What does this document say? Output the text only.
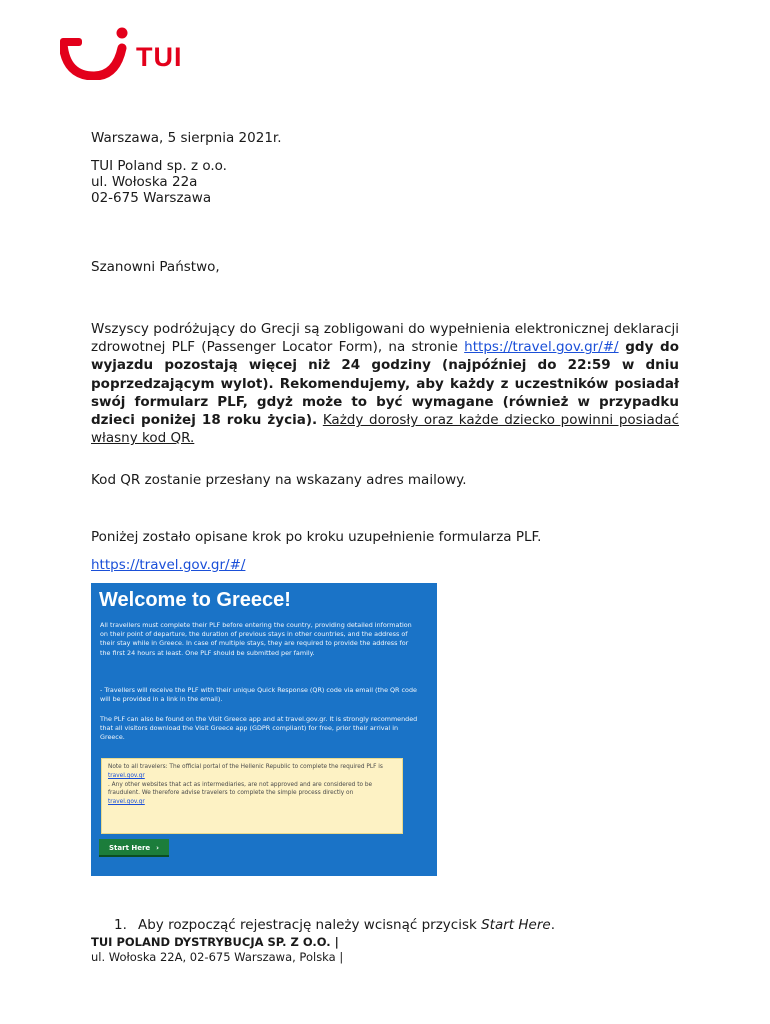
TUI
Warszawa, 5 sierpnia 2021r.
TUI Poland sp. z o.o.
ul. Wołoska 22a
02-675 Warszawa
Szanowni Państwo,
Wszyscy podróżujący do Grecji są zobligowani do wypełnienia elektronicznej deklaracji zdrowotnej PLF (Passenger Locator Form), na stronie https://travel.gov.gr/#/ gdy do wyjazdu pozostają więcej niż 24 godziny (najpóźniej do 22:59 w dniu poprzedzającym wylot). Rekomendujemy, aby każdy z uczestników posiadał swój formularz PLF, gdyż może to być wymagane (również w przypadku dzieci poniżej 18 roku życia). Każdy dorosły oraz każde dziecko powinni posiadać własny kod QR.
Kod QR zostanie przesłany na wskazany adres mailowy.
Poniżej zostało opisane krok po kroku uzupełnienie formularza PLF.
https://travel.gov.gr/#/
Welcome to Greece!
All travellers must complete their PLF before entering the country, providing detailed information on their point of departure, the duration of previous stays in other countries, and the address of their stay while in Greece. In case of multiple stays, they are required to provide the address for the first 24 hours at least. One PLF should be submitted per family.
- Travellers will receive the PLF with their unique Quick Response (QR) code via email (the QR code will be provided in a link in the email).
The PLF can also be found on the Visit Greece app and at travel.gov.gr. It is strongly recommended that all visitors download the Visit Greece app (GDPR compliant) for free, prior their arrival in Greece.
Note to all travelers: The official portal of the Hellenic Republic to complete the required PLF is
travel.gov.gr
. Any other websites that act as intermediaries, are not approved and are considered to be fraudulent. We therefore advise travelers to complete the simple process directly on
travel.gov.gr
Start Here ›
1. Aby rozpocząć rejestrację należy wcisnąć przycisk Start Here.
TUI POLAND DYSTRYBUCJA SP. Z O.O. |
ul. Wołoska 22A, 02-675 Warszawa, Polska |
